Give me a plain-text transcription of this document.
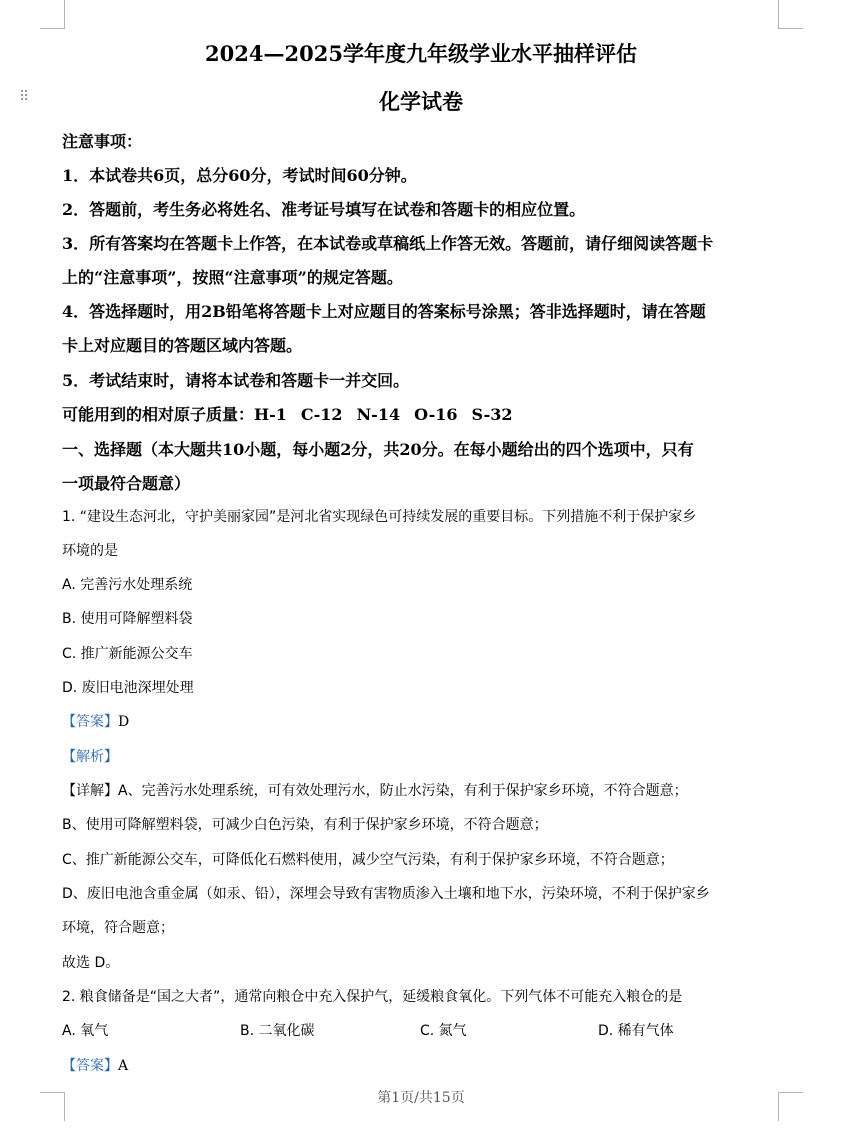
⠿
2024—2025学年度九年级学业水平抽样评估
化学试卷
注意事项：
1．本试卷共6页，总分60分，考试时间60分钟。
2．答题前，考生务必将姓名、准考证号填写在试卷和答题卡的相应位置。
3．所有答案均在答题卡上作答，在本试卷或草稿纸上作答无效。答题前，请仔细阅读答题卡
上的“注意事项”，按照“注意事项”的规定答题。
4．答选择题时，用2B铅笔将答题卡上对应题目的答案标号涂黑；答非选择题时，请在答题
卡上对应题目的答题区域内答题。
5．考试结束时，请将本试卷和答题卡一并交回。
可能用到的相对原子质量：H-1 C-12 N-14 O-16 S-32
一、选择题（本大题共10小题，每小题2分，共20分。在每小题给出的四个选项中，只有
一项最符合题意）
1. “建设生态河北，守护美丽家园”是河北省实现绿色可持续发展的重要目标。下列措施不利于保护家乡
环境的是
A. 完善污水处理系统
B. 使用可降解塑料袋
C. 推广新能源公交车
D. 废旧电池深埋处理
【答案】D
【解析】
【详解】A、完善污水处理系统，可有效处理污水，防止水污染，有利于保护家乡环境，不符合题意；
B、使用可降解塑料袋，可减少白色污染，有利于保护家乡环境，不符合题意；
C、推广新能源公交车，可降低化石燃料使用，减少空气污染，有利于保护家乡环境，不符合题意；
D、废旧电池含重金属（如汞、铅），深埋会导致有害物质渗入土壤和地下水，污染环境，不利于保护家乡
环境，符合题意；
故选 D。
2. 粮食储备是“国之大者”，通常向粮仓中充入保护气，延缓粮食氧化。下列气体不可能充入粮仓的是
A. 氧气	B. 二氧化碳	C. 氮气	D. 稀有气体
【答案】A
第1页/共15页
